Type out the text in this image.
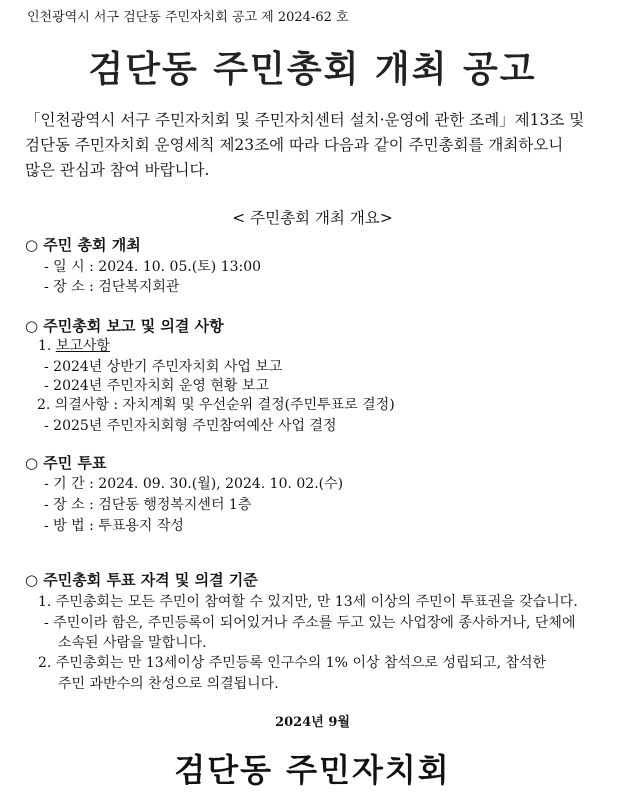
인천광역시 서구 검단동 주민자치회 공고 제 2024-62 호
검단동 주민총회 개최 공고
「인천광역시 서구 주민자치회 및 주민자치센터 설치·운영에 관한 조례」제13조 및
검단동 주민자치회 운영세칙 제23조에 따라 다음과 같이 주민총회를 개최하오니
많은 관심과 참여 바랍니다.
< 주민총회 개최 개요>
○ 주민 총회 개최
- 일 시 : 2024. 10. 05.(토) 13:00
- 장 소 : 검단복지회관
○ 주민총회 보고 및 의결 사항
1. 보고사항
- 2024년 상반기 주민자치회 사업 보고
- 2024년 주민자치회 운영 현황 보고
2. 의결사항 : 자치계획 및 우선순위 결정(주민투표로 결정)
- 2025년 주민자치회형 주민참여예산 사업 결정
○ 주민 투표
- 기 간 : 2024. 09. 30.(월), 2024. 10. 02.(수)
- 장 소 : 검단동 행정복지센터 1층
- 방 법 : 투표용지 작성
○ 주민총회 투표 자격 및 의결 기준
1. 주민총회는 모든 주민이 참여할 수 있지만, 만 13세 이상의 주민이 투표권을 갖습니다.
- 주민이라 함은, 주민등록이 되어있거나 주소를 두고 있는 사업장에 종사하거나, 단체에
소속된 사람을 말합니다.
2. 주민총회는 만 13세이상 주민등록 인구수의 1% 이상 참석으로 성립되고, 참석한
주민 과반수의 찬성으로 의결됩니다.
2024년 9월
검단동 주민자치회
